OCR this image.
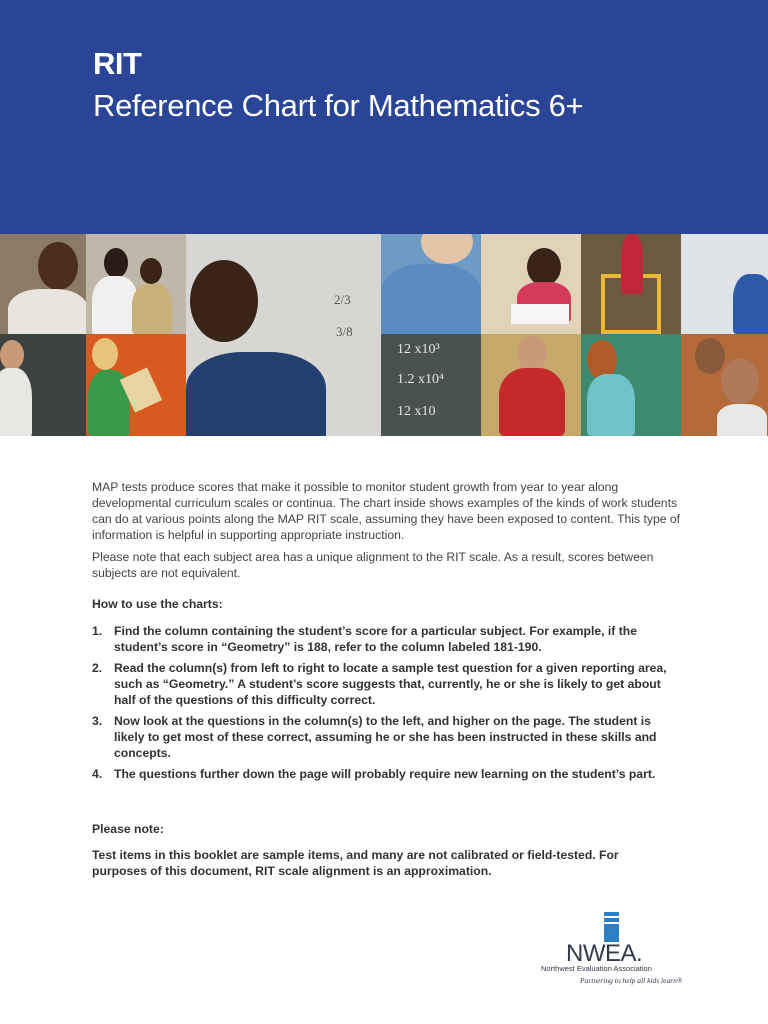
RIT
Reference Chart for Mathematics 6+
2/3
3/8
12 x10³
1.2 x10⁴
12 x10

MAP tests produce scores that make it possible to monitor student growth from year to year along developmental curriculum scales or continua. The chart inside shows examples of the kinds of work students can do at various points along the MAP RIT scale, assuming they have been exposed to content. This type of information is helpful in supporting appropriate instruction.

Please note that each subject area has a unique alignment to the RIT scale. As a result, scores between subjects are not equivalent.

How to use the charts:
1. Find the column containing the student’s score for a particular subject. For example, if the student’s score in “Geometry” is 188, refer to the column labeled 181-190.
2. Read the column(s) from left to right to locate a sample test question for a given reporting area, such as “Geometry.” A student’s score suggests that, currently, he or she is likely to get about half of the questions of this difficulty correct.
3. Now look at the questions in the column(s) to the left, and higher on the page. The student is likely to get most of these correct, assuming he or she has been instructed in these skills and concepts.
4. The questions further down the page will probably require new learning on the student’s part.
Please note:

Test items in this booklet are sample items, and many are not calibrated or field-tested. For purposes of this document, RIT scale alignment is an approximation.

NWEA.
Northwest Evaluation Association
Partnering to help all kids learn®
